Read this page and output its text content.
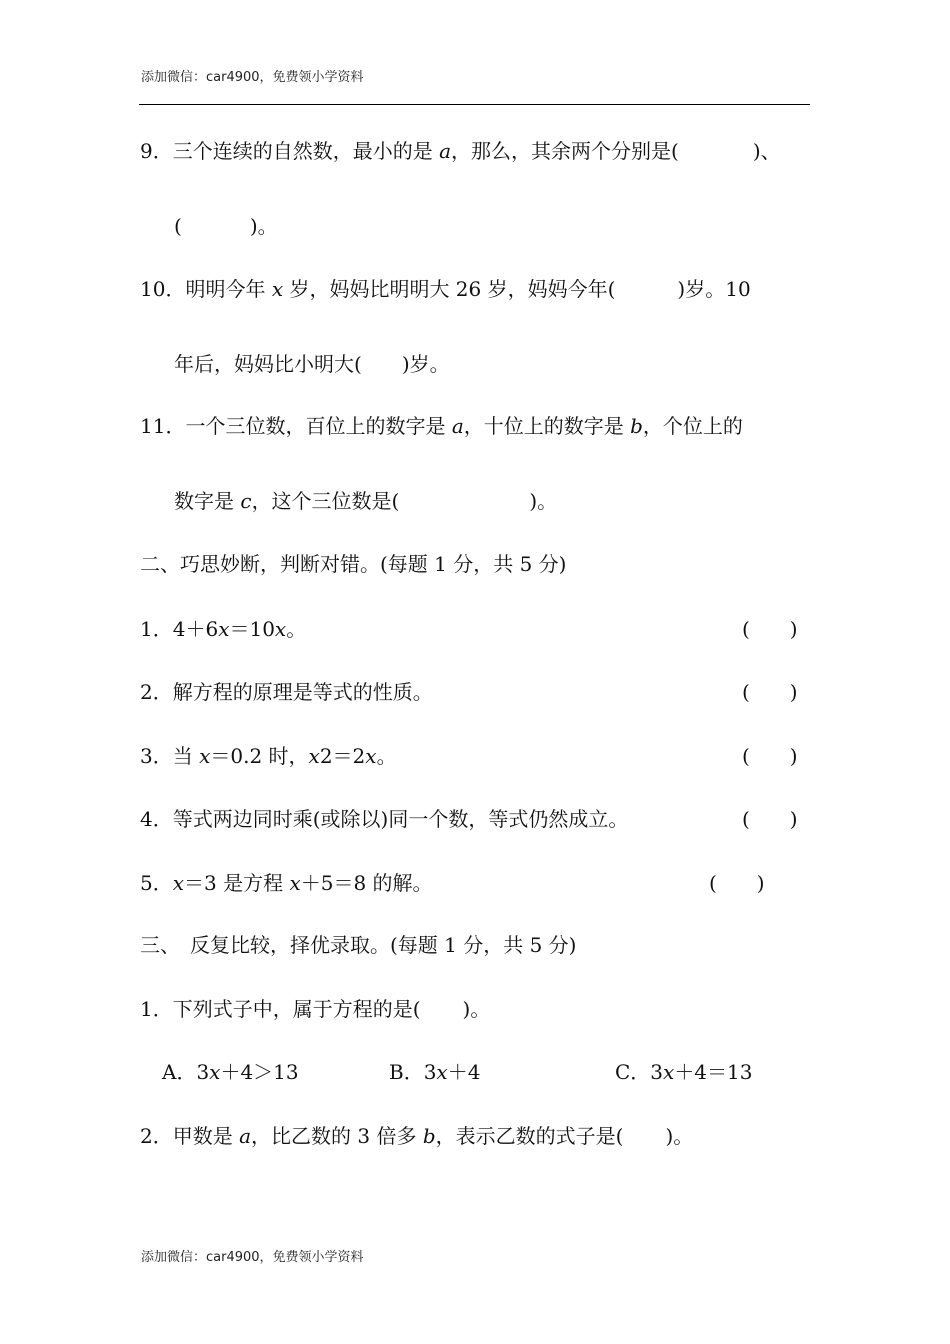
添加微信：car4900，免费领小学资料
9．三个连续的自然数，最小的是 a，那么，其余两个分别是(	)、
(	)。
10．明明今年 x 岁，妈妈比明明大 26 岁，妈妈今年(	)岁。10
年后，妈妈比小明大( )岁。
11．一个三位数，百位上的数字是 a，十位上的数字是 b，个位上的
数字是 c，这个三位数是(	)。
二、巧思妙断，判断对错。(每题 1 分，共 5 分)
1．4＋6x＝10x。	(　　)
2．解方程的原理是等式的性质。	(　　)
3．当 x＝0.2 时，x2＝2x。	(　　)
4．等式两边同时乘(或除以)同一个数，等式仍然成立。	(　　)
5．x＝3 是方程 x＋5＝8 的解。	(　　)
三、　反复比较，择优录取。(每题 1 分，共 5 分)
1．下列式子中，属于方程的是( )。
A．3x＋4＞13	B．3x＋4	C．3x＋4＝13
2．甲数是 a，比乙数的 3 倍多 b，表示乙数的式子是( )。
添加微信：car4900，免费领小学资料
